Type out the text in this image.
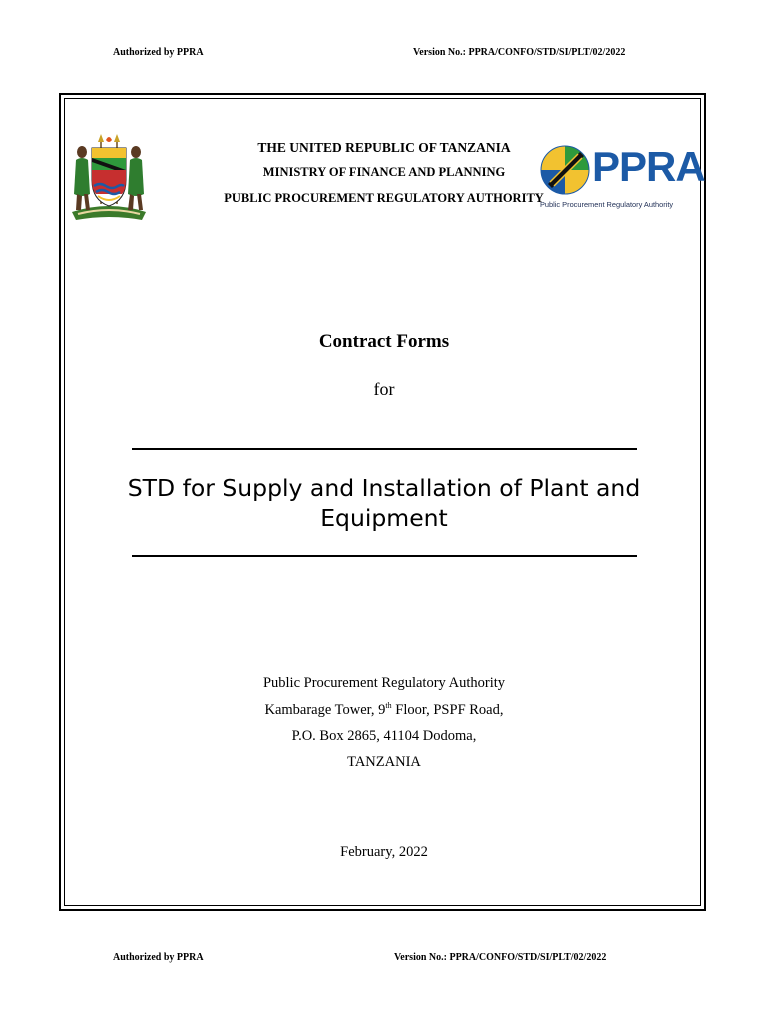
Authorized by PPRA	Version No.: PPRA/CONFO/STD/SI/PLT/02/2022
THE UNITED REPUBLIC OF TANZANIA
MINISTRY OF FINANCE AND PLANNING
PUBLIC PROCUREMENT REGULATORY AUTHORITY
PPRA
Public Procurement Regulatory Authority
Contract Forms
for
STD for Supply and Installation of Plant and
Equipment
Public Procurement Regulatory Authority
Kambarage Tower, 9th Floor, PSPF Road,
P.O. Box 2865, 41104 Dodoma,
TANZANIA
February, 2022
Authorized by PPRA	Version No.: PPRA/CONFO/STD/SI/PLT/02/2022
